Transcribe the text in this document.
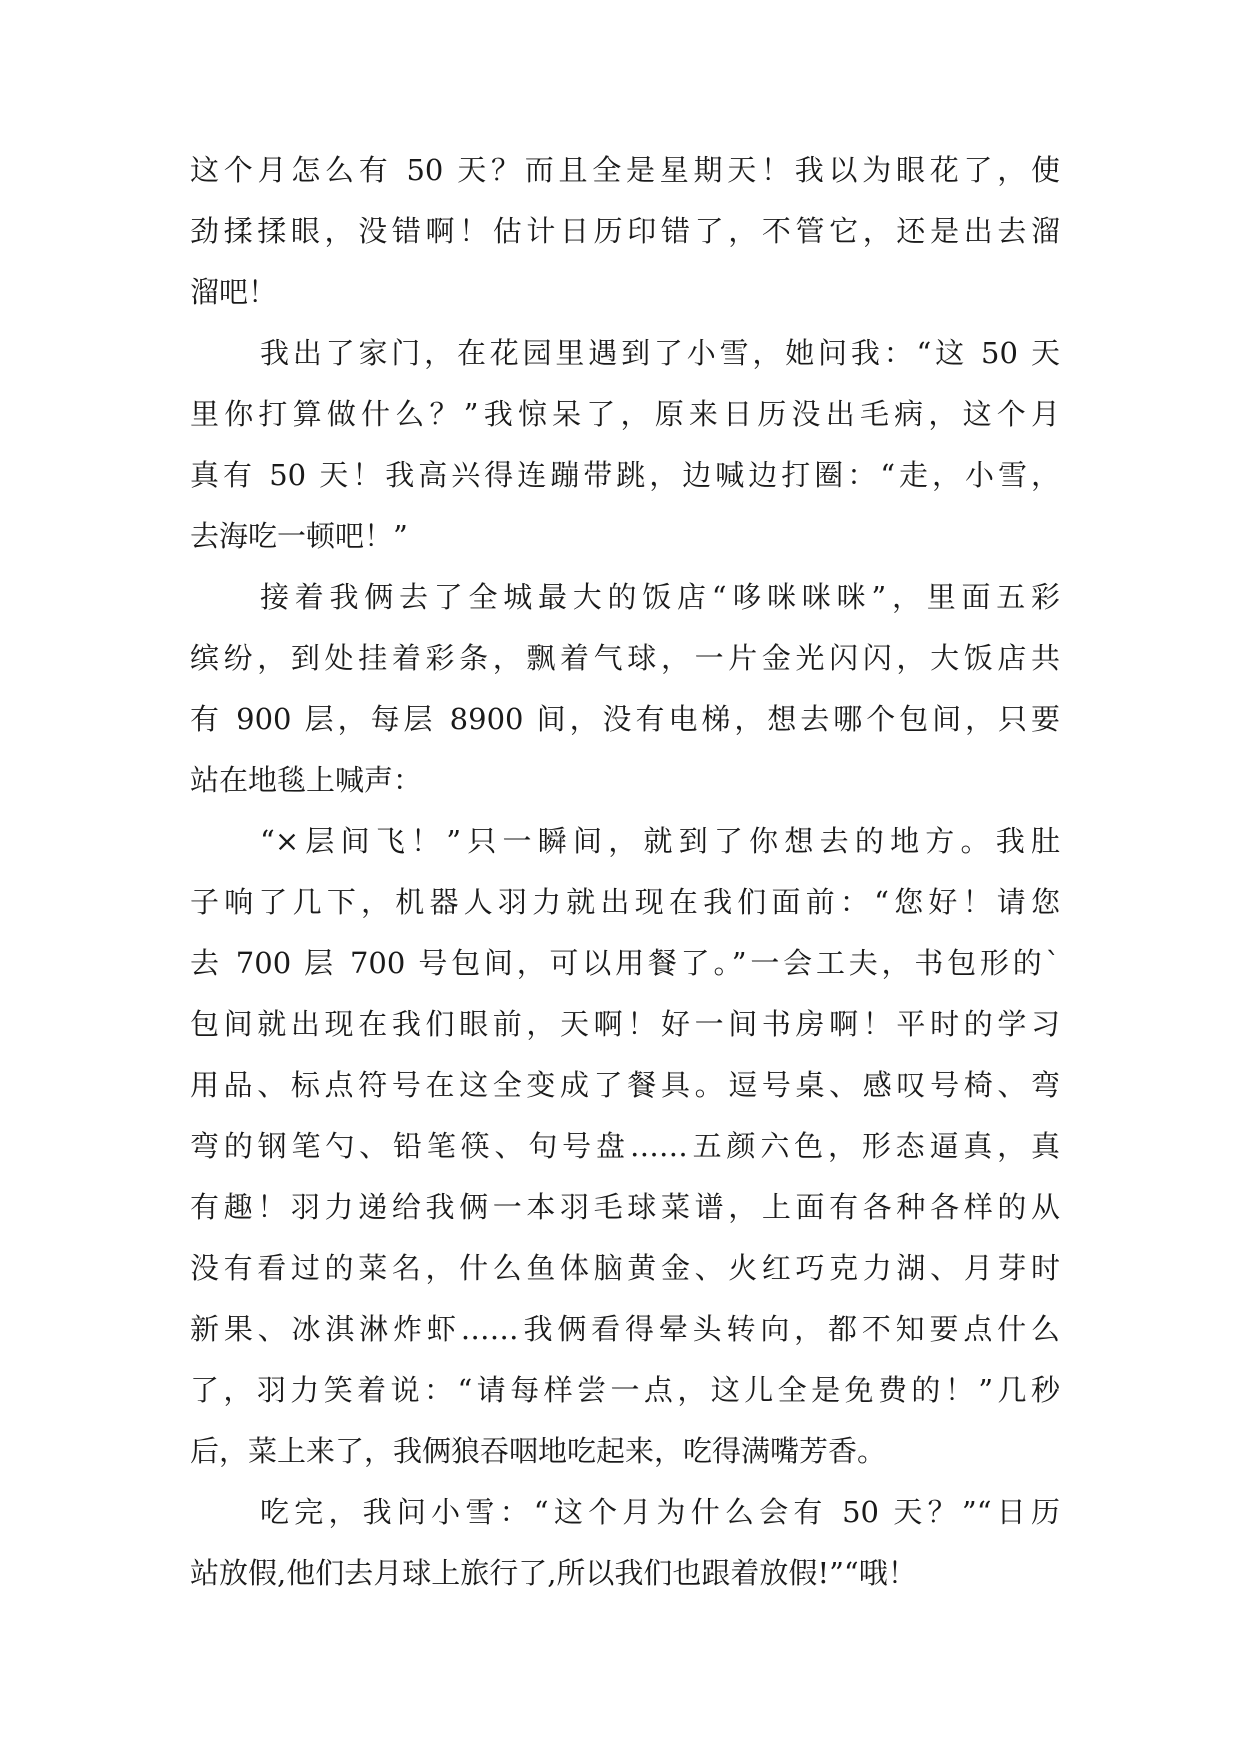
这个月怎么有 50 天？而且全是星期天！我以为眼花了，使
劲揉揉眼，没错啊！估计日历印错了，不管它，还是出去溜
溜吧！
我出了家门，在花园里遇到了小雪，她问我：“这 50 天
里你打算做什么？”我惊呆了，原来日历没出毛病，这个月
真有 50 天！我高兴得连蹦带跳，边喊边打圈：“走，小雪，
去海吃一顿吧！”
接着我俩去了全城最大的饭店“哆咪咪咪”，里面五彩
缤纷，到处挂着彩条，飘着气球，一片金光闪闪，大饭店共
有 900 层，每层 8900 间，没有电梯，想去哪个包间，只要
站在地毯上喊声：
“×层间飞！”只一瞬间，就到了你想去的地方。我肚
子响了几下，机器人羽力就出现在我们面前：“您好！请您
去 700 层 700 号包间，可以用餐了。”一会工夫，书包形的`
包间就出现在我们眼前，天啊！好一间书房啊！平时的学习
用品、标点符号在这全变成了餐具。逗号桌、感叹号椅、弯
弯的钢笔勺、铅笔筷、句号盘……五颜六色，形态逼真，真
有趣！羽力递给我俩一本羽毛球菜谱，上面有各种各样的从
没有看过的菜名，什么鱼体脑黄金、火红巧克力湖、月芽时
新果、冰淇淋炸虾……我俩看得晕头转向，都不知要点什么
了，羽力笑着说：“请每样尝一点，这儿全是免费的！”几秒
后，菜上来了，我俩狼吞咽地吃起来，吃得满嘴芳香。
吃完，我问小雪：“这个月为什么会有 50 天？”“日历
站放假,他们去月球上旅行了,所以我们也跟着放假!”“哦！
